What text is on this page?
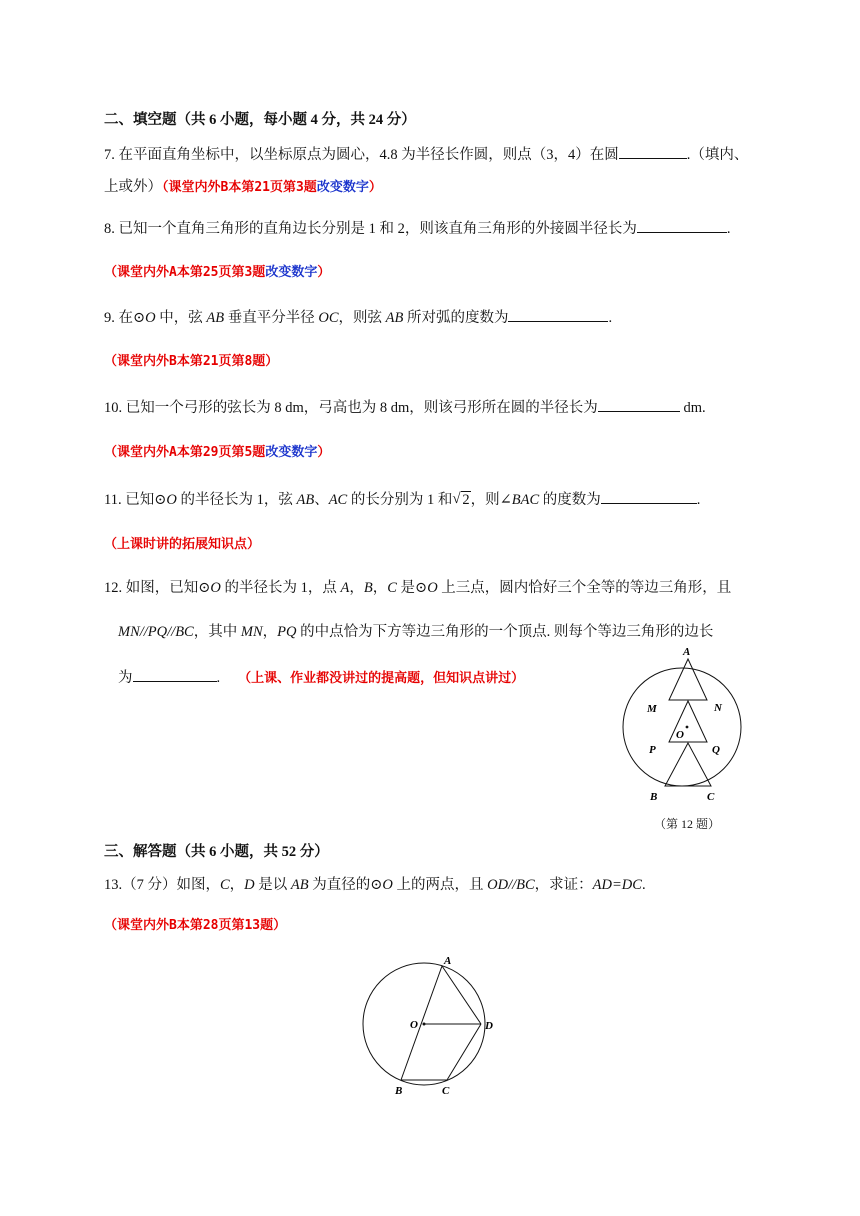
二、填空题（共 6 小题，每小题 4 分，共 24 分）
7. 在平面直角坐标中，以坐标原点为圆心，4.8 为半径长作圆，则点（3，4）在圆	.（填内、
上或外）（课堂内外B本第21页第3题改变数字）
8. 已知一个直角三角形的直角边长分别是 1 和 2，则该直角三角形的外接圆半径长为	.
（课堂内外A本第25页第3题改变数字）
9. 在⊙O 中，弦 AB 垂直平分半径 OC，则弦 AB 所对弧的度数为	.
（课堂内外B本第21页第8题）
10. 已知一个弓形的弦长为 8 dm，弓高也为 8 dm，则该弓形所在圆的半径长为	dm.
（课堂内外A本第29页第5题改变数字）
11. 已知⊙O 的半径长为 1，弦 AB、AC 的长分别为 1 和 √ 2，则∠BAC 的度数为	.
（上课时讲的拓展知识点）
12. 如图，已知⊙O 的半径长为 1，点 A，B，C 是⊙O 上三点，圆内恰好三个全等的等边三角形，且
MN//PQ//BC，其中 MN，PQ 的中点恰为下方等边三角形的一个顶点. 则每个等边三角形的边长
为	. （上课、作业都没讲过的提高题，但知识点讲过）
A
M	N
O
P	Q
B	C
（第 12 题）
三、解答题（共 6 小题，共 52 分）
13.（7 分）如图，C，D 是以 AB 为直径的⊙O 上的两点，且 OD//BC，求证：AD=DC.
（课堂内外B本第28页第13题）
A
O	D
B	C
